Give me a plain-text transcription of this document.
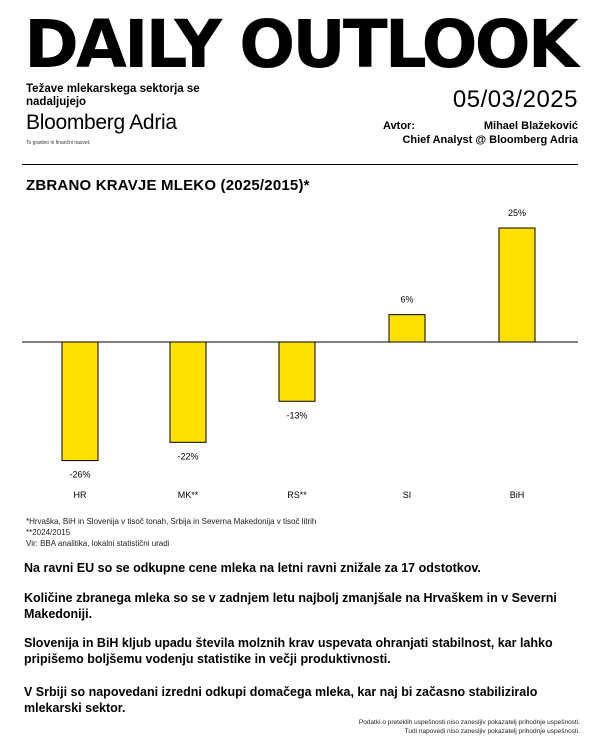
DAILY OUTLOOK
Težave mlekarskega sektorja se nadaljujejo	05/03/2025
Bloomberg Adria
To gradivo ni finančni nasvet.
Avtor:	Mihael Blažeković
Chief Analyst @ Bloomberg Adria
ZBRANO KRAVJE MLEKO (2025/2015)*
-26%
-22%
-13%
6%
25%
HR	MK**	RS**	SI	BiH
*Hrvaška, BiH in Slovenija v tisoč tonah, Srbija in Severna Makedonija v tisoč litrih
**2024/2015
Vir: BBA analitika, lokalni statistični uradi
Na ravni EU so se odkupne cene mleka na letni ravni znižale za 17 odstotkov.
Količine zbranega mleka so se v zadnjem letu najbolj zmanjšale na Hrvaškem in v Severni Makedoniji.
Slovenija in BiH kljub upadu števila molznih krav uspevata ohranjati stabilnost, kar lahko pripišemo boljšemu vodenju statistike in večji produktivnosti.
V Srbiji so napovedani izredni odkupi domačega mleka, kar naj bi začasno stabiliziralo mlekarski sektor.
Podatki o preteklih uspešnosti niso zanesljiv pokazatelj prihodnje uspešnosti.
Tudi napovedi niso zanesljiv pokazatelj prihodnje uspešnosti.
